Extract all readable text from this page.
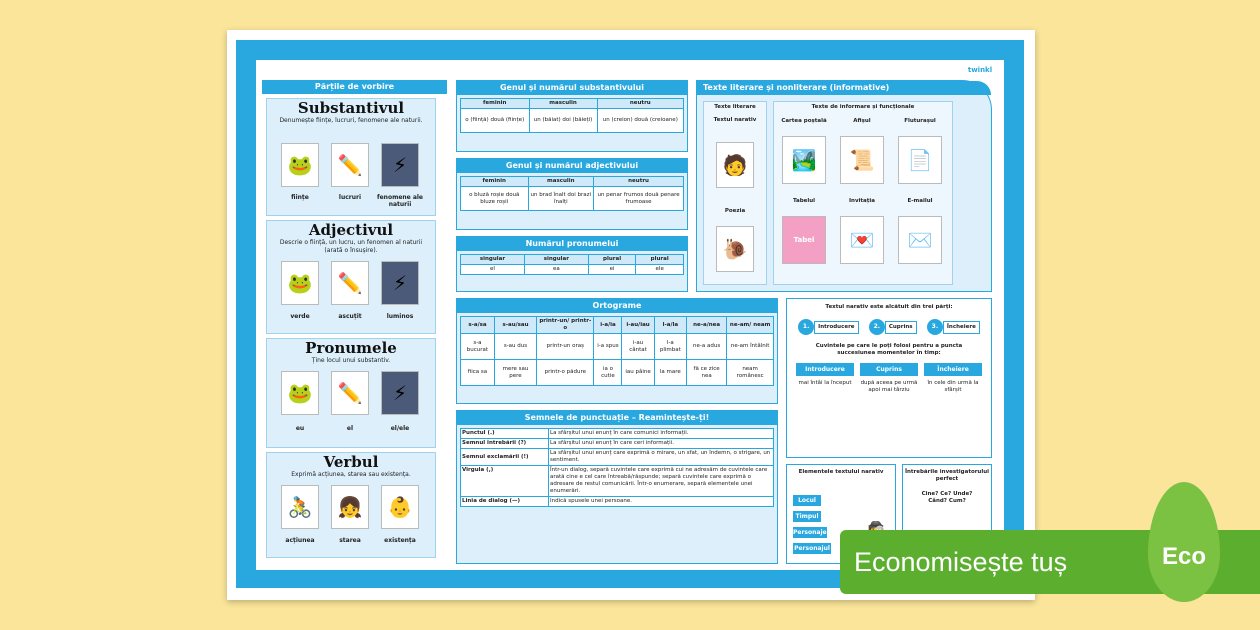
Părțile de vorbire
Substantivul
Denumește ființe, lucruri, fenomene ale naturii.
🐸	✏️	⚡
ființe	lucruri	fenomene ale naturii
Adjectivul
Descrie o ființă, un lucru, un fenomen al naturii (arată o însușire).
🐸	✏️	⚡
verde	ascuțit	luminos
Pronumele
Ține locul unui substantiv.
🐸	✏️	⚡
eu	el	el/ele
Verbul
Exprimă acțiunea, starea sau existența.
🚴	👧	👶
acțiunea	starea	existența
Genul și numărul substantivului
feminin	masculin	neutru
o (ființă) două (ființe)	un (băiat) doi (băieți)	un (creion) două (creioane)
Genul și numărul adjectivului
feminin	masculin	neutru
o bluză roșie două bluze roșii	un brad înalt doi brazi înalți	un penar frumos două penare frumoase
Numărul pronumelui
singular	singular	plural	plural
el	ea	ei	ele
Ortograme
s-a/sa	s-au/sau	printr-un/ printr-o	i-a/ia	i-au/iau	l-a/la	ne-a/nea	ne-am/ neam
s-a bucurat	s-au dus	printr-un oraș	i-a spus	i-au cântat	l-a plimbat	ne-a adus	ne-am întâlnit
fiica sa	mere sau pere	printr-o pădure	ia o cutie	iau pâine	la mare	fă ce zice nea	neam românesc
Semnele de punctuație – Reamintește-ți!
Punctul (.)	La sfârșitul unui enunț în care comunici informații.
Semnul întrebării (?)	La sfârșitul unui enunț în care ceri informații.
Semnul exclamării (!)	La sfârșitul unui enunț care exprimă o mirare, un sfat, un îndemn, o strigare, un sentiment.
Virgula (,)	Într-un dialog, separă cuvintele care exprimă cui ne adresăm de cuvintele care arată cine e cel care întreabă/răspunde; separă cuvintele care exprimă o adresare de restul comunicării. Într-o enumerare, separă elementele unei enumerări.
Linia de dialog (—)	Indică spusele unei persoane.
Texte literare și nonliterare (informative)
Texte literare
Textul narativ
🧑
Poezia
🐌
Texte de informare și funcționale
Cartea poștală	Afișul	Fluturașul
🏞️	📜	📄
Tabelul	Invitația	E-mailul
Tabel	💌	✉️
Textul narativ este alcătuit din trei părți:
1.	Introducere	2.	Cuprins	3.	Încheiere
Cuvintele pe care le poți folosi pentru a puncta succesiunea momentelor în timp:
Introducere
mai întâi la început
Cuprins
după aceea pe urmă apoi mai târziu
Încheiere
în cele din urmă la sfârșit
Elementele textului narativ
Locul
Timpul
Personajele
Personajul
Întrebările investigatorului perfect
Cine? Ce? Unde?
Când? Cum?
twinkl
Economisește tuș	Eco
